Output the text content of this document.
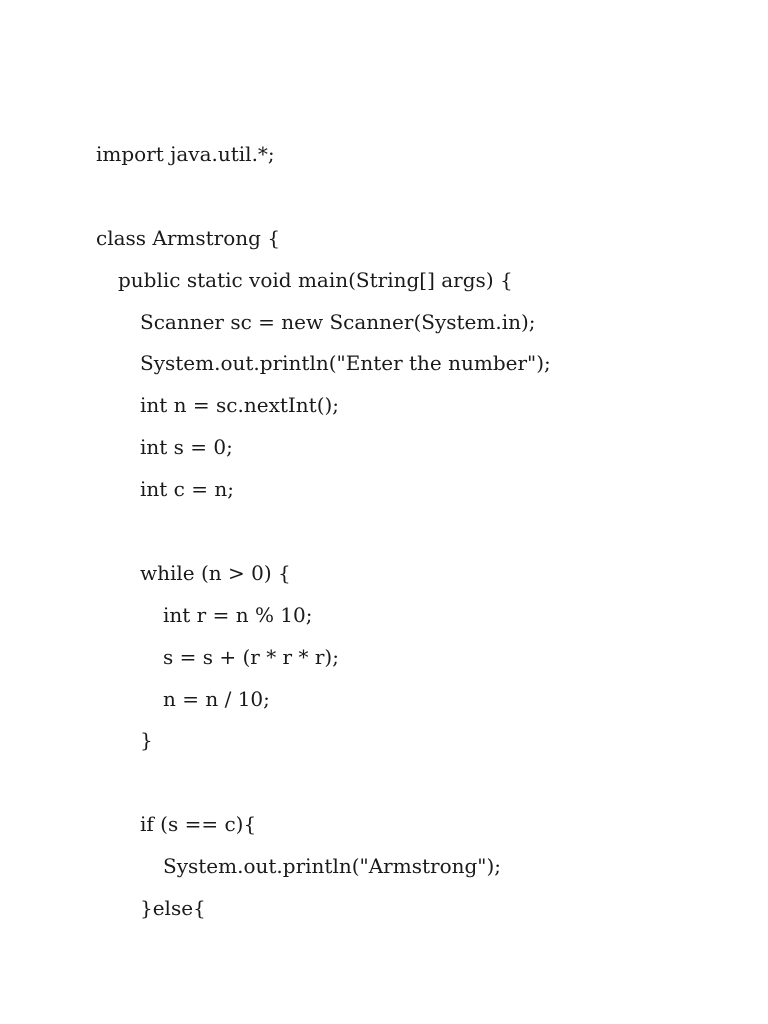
import java.util.*;
class Armstrong {
public static void main(String[] args) {
Scanner sc = new Scanner(System.in);
System.out.println("Enter the number");
int n = sc.nextInt();
int s = 0;
int c = n;
while (n > 0) {
int r = n % 10;
s = s + (r * r * r);
n = n / 10;
}
if (s == c){
System.out.println("Armstrong");
}else{
